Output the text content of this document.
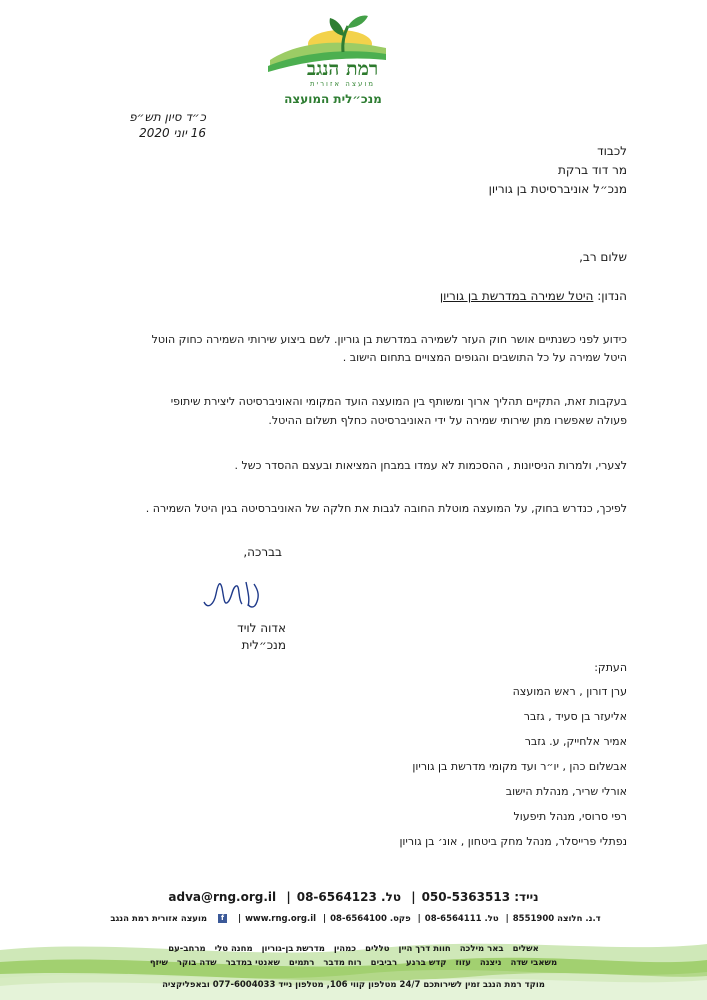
רמת הנגב
מועצה אזורית
מנכ״לית המועצה
כ״ד סיון תש״פ
16 יוני 2020
לכבוד
מר דוד ברקת
מנכ״ל אוניברסיטת בן גוריון
שלום רב,
הנדון: היטל שמירה במדרשת בן גוריון
כידוע לפני כשנתיים אושר חוק העזר לשמירה במדרשת בן גוריון. לשם ביצוע שירותי השמירה כחוק הוטל
היטל שמירה על כל התושבים והגופים המצויים בתחום הישוב .
בעקבות זאת, התקיים תהליך ארוך ומשותף בין המועצה הועד המקומי והאוניברסיטה ליצירת שיתופי
פעולה שאפשרו מתן שירותי שמירה על ידי האוניברסיטה כחלף תשלום ההיטל.
לצערי, ולמרות הניסיונות , ההסכמות לא עמדו במבחן המציאות ובעצם ההסדר כשל .
לפיכך, כנדרש בחוק, על המועצה מוטלת החובה לגבות את חלקה של האוניברסיטה בגין היטל השמירה .
בברכה,
אדוה לויד
מנכ״לית
העתק:
ערן דורון , ראש המועצה
אליעזר בן סעיד , גזבר
אמיר אלחייק, ע. גזבר
אבשלום כהן , יו״ר ועד מקומי מדרשת בן גוריון
אורלי שריר, מנהלת הישוב
רפי סרוסי, מנהל תיפעול
נפתלי פרייסלר, מנהל מחק ביטחון , אונ׳ בן גוריון
נייד: 050-5363513| טל. 08-6564123| adva@rng.org.il
ד.נ. חלוצה 8551900| טל. 08-6564111| פקס. 08-6564100| www.rng.org.il| f מועצה אזורית רמת הנגב
אשלים באר מילכה חוות דרך היין טללים כמהין מדרשת בן-גוריון מחנה טלי מרחב-עם
משאבי שדה ניצנה עזוז קדש ברנע רביבים רוח מדבר רתמים שאנטי במדבר שדה בוקר שיזף
מוקד רמת הנגב זמין לשירותכם 24/7 מטלפון קווי 106, מטלפון נייד 077-6004033 ובאפליקציה
